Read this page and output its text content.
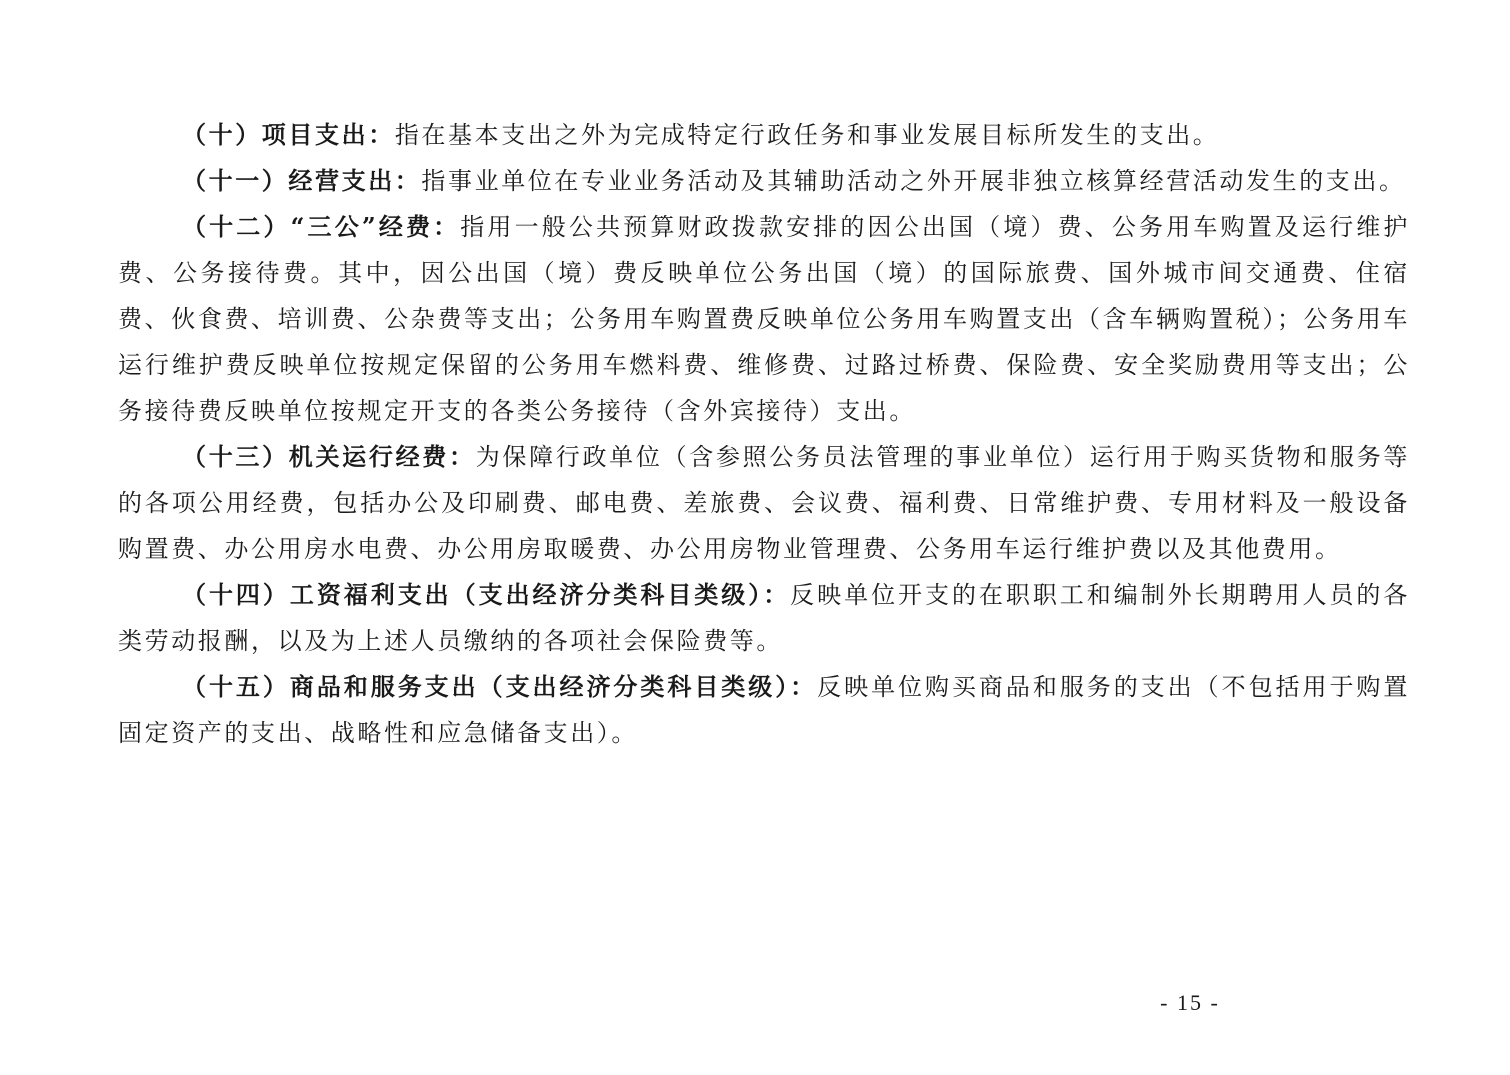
（十）项目支出：指在基本支出之外为完成特定行政任务和事业发展目标所发生的支出。

（十一）经营支出：指事业单位在专业业务活动及其辅助活动之外开展非独立核算经营活动发生的支出。

（十二）“三公”经费：指用一般公共预算财政拨款安排的因公出国（境）费、公务用车购置及运行维护费、公务接待费。其中，因公出国（境）费反映单位公务出国（境）的国际旅费、国外城市间交通费、住宿费、伙食费、培训费、公杂费等支出；公务用车购置费反映单位公务用车购置支出（含车辆购置税）；公务用车运行维护费反映单位按规定保留的公务用车燃料费、维修费、过路过桥费、保险费、安全奖励费用等支出；公务接待费反映单位按规定开支的各类公务接待（含外宾接待）支出。

（十三）机关运行经费：为保障行政单位（含参照公务员法管理的事业单位）运行用于购买货物和服务等的各项公用经费，包括办公及印刷费、邮电费、差旅费、会议费、福利费、日常维护费、专用材料及一般设备购置费、办公用房水电费、办公用房取暖费、办公用房物业管理费、公务用车运行维护费以及其他费用。

（十四）工资福利支出（支出经济分类科目类级）：反映单位开支的在职职工和编制外长期聘用人员的各类劳动报酬，以及为上述人员缴纳的各项社会保险费等。

（十五）商品和服务支出（支出经济分类科目类级）：反映单位购买商品和服务的支出（不包括用于购置固定资产的支出、战略性和应急储备支出）。

- 15 -
